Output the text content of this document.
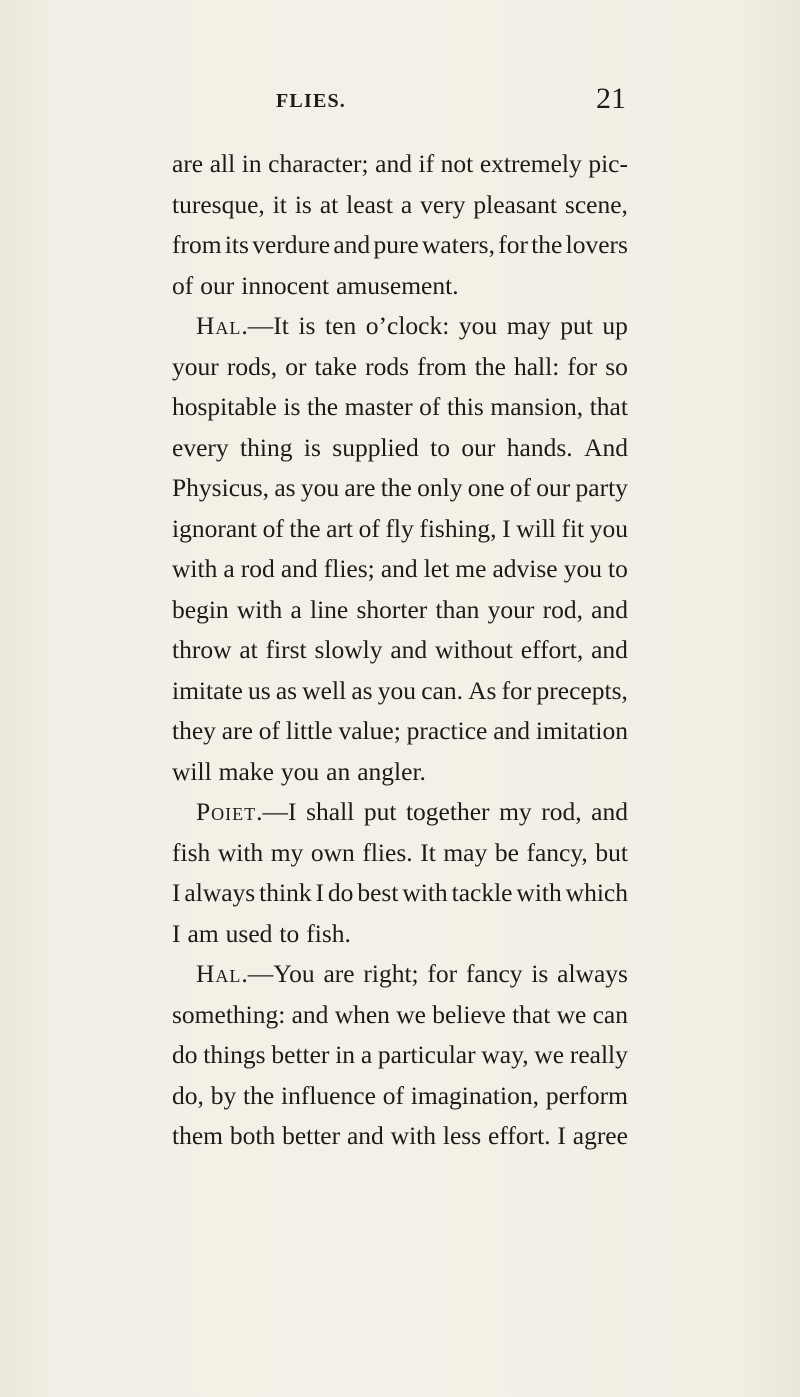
FLIES.	21
are all in character; and if not extremely pic-
turesque, it is at least a very pleasant scene,
from its verdure and pure waters, for the lovers
of our innocent amusement.
Hal.—It is ten o’clock: you may put up
your rods, or take rods from the hall: for so
hospitable is the master of this mansion, that
every thing is supplied to our hands. And
Physicus, as you are the only one of our party
ignorant of the art of fly fishing, I will fit you
with a rod and flies; and let me advise you to
begin with a line shorter than your rod, and
throw at first slowly and without effort, and
imitate us as well as you can. As for precepts,
they are of little value; practice and imitation
will make you an angler.
Poiet.—I shall put together my rod, and
fish with my own flies. It may be fancy, but
I always think I do best with tackle with which
I am used to fish.
Hal.—You are right; for fancy is always
something: and when we believe that we can
do things better in a particular way, we really
do, by the influence of imagination, perform
them both better and with less effort. I agree
